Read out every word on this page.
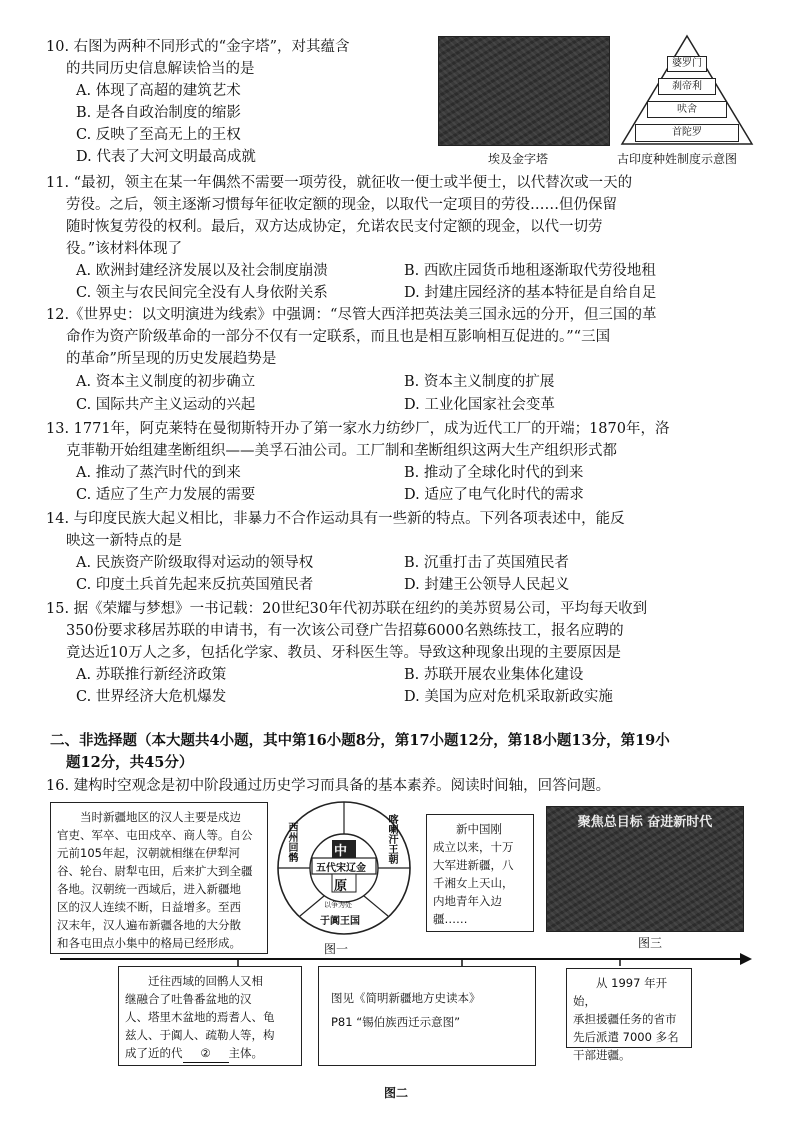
10. 右图为两种不同形式的“金字塔”，对其蕴含
的共同历史信息解读恰当的是
A. 体现了高超的建筑艺术
B. 是各自政治制度的缩影
C. 反映了至高无上的王权
D. 代表了大河文明最高成就	埃及金字塔
婆罗门
刹帝利
吠舍
首陀罗
古印度种姓制度示意图
11. “最初，领主在某一年偶然不需要一项劳役，就征收一便士或半便士，以代替次或一天的
劳役。之后，领主逐渐习惯每年征收定额的现金，以取代一定项目的劳役……但仍保留
随时恢复劳役的权利。最后，双方达成协定，允诺农民支付定额的现金，以代一切劳
役。”该材料体现了
A. 欧洲封建经济发展以及社会制度崩溃	B. 西欧庄园货币地租逐渐取代劳役地租
C. 领主与农民间完全没有人身依附关系	D. 封建庄园经济的基本特征是自给自足
12.《世界史：以文明演进为线索》中强调：“尽管大西洋把英法美三国永远的分开，但三国的革
命作为资产阶级革命的一部分不仅有一定联系，而且也是相互影响相互促进的。”“三国
的革命”所呈现的历史发展趋势是
A. 资本主义制度的初步确立	B. 资本主义制度的扩展
C. 国际共产主义运动的兴起	D. 工业化国家社会变革
13. 1771年，阿克莱特在曼彻斯特开办了第一家水力纺纱厂，成为近代工厂的开端；1870年，洛
克菲勒开始组建垄断组织——美孚石油公司。工厂制和垄断组织这两大生产组织形式都
A. 推动了蒸汽时代的到来	B. 推动了全球化时代的到来
C. 适应了生产力发展的需要	D. 适应了电气化时代的需求
14. 与印度民族大起义相比，非暴力不合作运动具有一些新的特点。下列各项表述中，能反
映这一新特点的是
A. 民族资产阶级取得对运动的领导权	B. 沉重打击了英国殖民者
C. 印度土兵首先起来反抗英国殖民者	D. 封建王公领导人民起义
15. 据《荣耀与梦想》一书记载：20世纪30年代初苏联在纽约的美苏贸易公司，平均每天收到
350份要求移居苏联的申请书，有一次该公司登广告招募6000名熟练技工，报名应聘的
竟达近10万人之多，包括化学家、教员、牙科医生等。导致这种现象出现的主要原因是
A. 苏联推行新经济政策	B. 苏联开展农业集体化建设
C. 世界经济大危机爆发	D. 美国为应对危机采取新政实施
二、非选择题（本大题共4小题，其中第16小题8分，第17小题12分，第18小题13分，第19小
题12分，共45分）
16. 建构时空观念是初中阶段通过历史学习而具备的基本素养。阅读时间轴，回答问题。
　　当时新疆地区的汉人主要是戍边
官吏、军卒、屯田戍卒、商人等。自公
元前105年起，汉朝就相继在伊犁河
谷、轮台、尉犁屯田，后来扩大到全疆
各地。汉朝统一西域后，进入新疆地
区的汉人连续不断，日益增多。至西
汉末年，汉人遍布新疆各地的大分散
和各屯田点小集中的格局已经形成。
中
五代宋辽金
原
西州回鹘	喀喇汗王朝
以争为处
于阗王国
图一
　　新中国刚
成立以来，十万
大军进新疆，八
千湘女上天山，
内地青年入边
疆……
聚焦总目标 奋进新时代
图三
　　迁往西域的回鹘人又相
继融合了吐鲁番盆地的汉
人、塔里木盆地的焉耆人、龟
兹人、于阗人、疏勒人等，构
成了近的代 ② 主体。
图见《简明新疆地方史读本》
P81 “锡伯族西迁示意图”
　　从 1997 年开始，
承担援疆任务的省市
先后派遣 7000 多名
干部进疆。
图二
